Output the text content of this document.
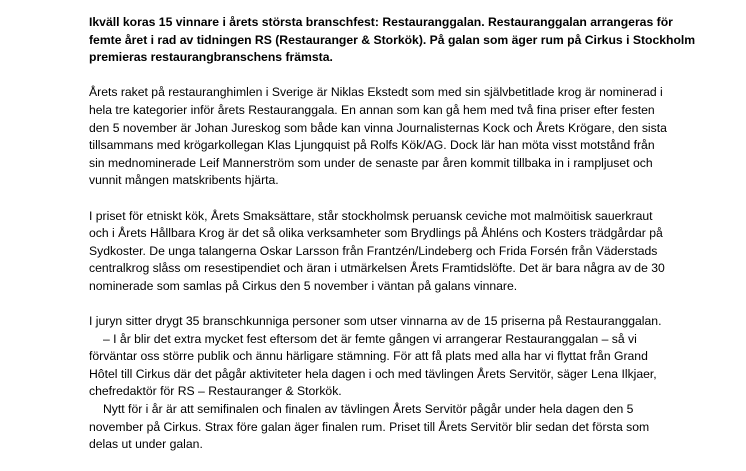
Ikväll koras 15 vinnare i årets största branschfest: Restauranggalan. Restauranggalan arrangeras för
femte året i rad av tidningen RS (Restauranger & Storkök). På galan som äger rum på Cirkus i Stockholm
premieras restaurangbranschens främsta.
Årets raket på restauranghimlen i Sverige är Niklas Ekstedt som med sin självbetitlade krog är nominerad i
hela tre kategorier inför årets Restauranggala. En annan som kan gå hem med två fina priser efter festen
den 5 november är Johan Jureskog som både kan vinna Journalisternas Kock och Årets Krögare, den sista
tillsammans med krögarkollegan Klas Ljungquist på Rolfs Kök/AG. Dock lär han möta visst motstånd från
sin mednominerade Leif Mannerström som under de senaste par åren kommit tillbaka in i rampljuset och
vunnit mången matskribents hjärta.
I priset för etniskt kök, Årets Smaksättare, står stockholmsk peruansk ceviche mot malmöitisk sauerkraut
och i Årets Hållbara Krog är det så olika verksamheter som Brydlings på Åhléns och Kosters trädgårdar på
Sydkoster. De unga talangerna Oskar Larsson från Frantzén/Lindeberg och Frida Forsén från Väderstads
centralkrog slåss om resestipendiet och äran i utmärkelsen Årets Framtidslöfte. Det är bara några av de 30
nominerade som samlas på Cirkus den 5 november i väntan på galans vinnare.
I juryn sitter drygt 35 branschkunniga personer som utser vinnarna av de 15 priserna på Restauranggalan.
– I år blir det extra mycket fest eftersom det är femte gången vi arrangerar Restauranggalan – så vi
förväntar oss större publik och ännu härligare stämning. För att få plats med alla har vi flyttat från Grand
Hôtel till Cirkus där det pågår aktiviteter hela dagen i och med tävlingen Årets Servitör, säger Lena Ilkjaer,
chefredaktör för RS – Restauranger & Storkök.
Nytt för i år är att semifinalen och finalen av tävlingen Årets Servitör pågår under hela dagen den 5
november på Cirkus. Strax före galan äger finalen rum. Priset till Årets Servitör blir sedan det första som
delas ut under galan.
